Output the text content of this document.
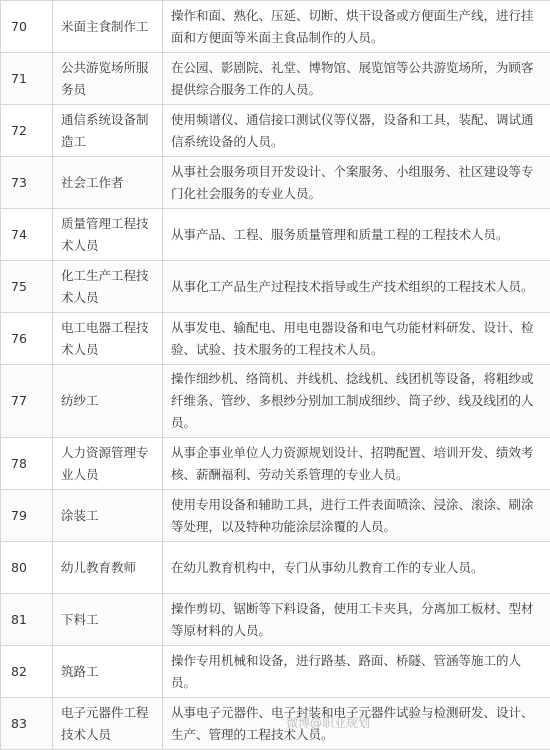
70	米面主食制作工	操作和面、熟化、压延、切断、烘干设备或方便面生产线，进行挂面和方便面等米面主食品制作的人员。
71	公共游览场所服务员	在公园、影剧院、礼堂、博物馆、展览馆等公共游览场所，为顾客提供综合服务工作的人员。
72	通信系统设备制造工	使用频谱仪、通信接口测试仪等仪器，设备和工具，装配、调试通信系统设备的人员。
73	社会工作者	从事社会服务项目开发设计、个案服务、小组服务、社区建设等专门化社会服务的专业人员。
74	质量管理工程技术人员	从事产品、工程、服务质量管理和质量工程的工程技术人员。
75	化工生产工程技术人员	从事化工产品生产过程技术指导或生产技术组织的工程技术人员。
76	电工电器工程技术人员	从事发电、输配电、用电电器设备和电气功能材料研发、设计、检验、试验、技术服务的工程技术人员。
77	纺纱工	操作细纱机、络筒机、并线机、捻线机、线团机等设备，将粗纱或纤维条、管纱、多根纱分别加工制成细纱、筒子纱、线及线团的人员。
78	人力资源管理专业人员	从事企事业单位人力资源规划设计、招聘配置、培训开发、绩效考核、薪酬福利、劳动关系管理的专业人员。
79	涂装工	使用专用设备和辅助工具，进行工件表面喷涂、浸涂、滚涂、刷涂等处理，以及特种功能涂层涂覆的人员。
80	幼儿教育教师	在幼儿教育机构中，专门从事幼儿教育工作的专业人员。
81	下料工	操作剪切、锯断等下料设备，使用工卡夹具，分离加工板材、型材等原材料的人员。
82	筑路工	操作专用机械和设备，进行路基、路面、桥隧、管涵等施工的人员。
83	电子元器件工程技术人员	从事电子元器件、电子封装和电子元器件试验与检测研发、设计、生产、管理的工程技术人员。
微博@职业规划
